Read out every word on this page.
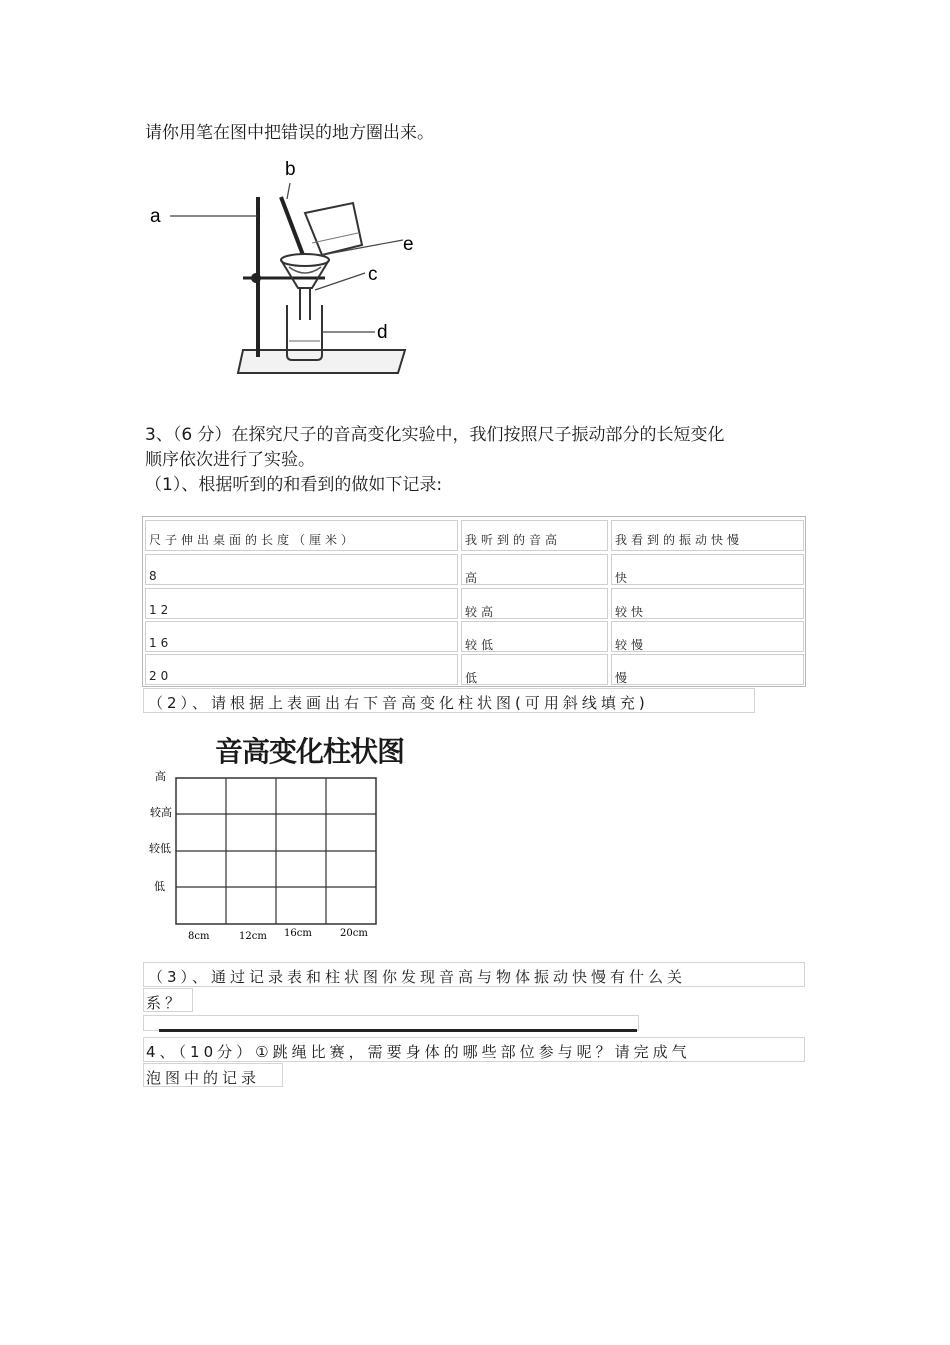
请你用笔在图中把错误的地方圈出来。
a
b
e
c
d
3、（6 分）在探究尺子的音高变化实验中，我们按照尺子振动部分的长短变化
顺序依次进行了实验。
（1）、根据听到的和看到的做如下记录:
尺子伸出桌面的长度（厘米）	我听到的音高	我看到的振动快慢
8	高	快
12	较高	较快
16	较低	较慢
20	低	慢
（2）、请根据上表画出右下音高变化柱状图(可用斜线填充)
音高变化柱状图
高
较高
较低
低
8cm	12cm 16cm	20cm
（3）、通过记录表和柱状图你发现音高与物体振动快慢有什么关
系？
4、（10分）①跳绳比赛，需要身体的哪些部位参与呢？请完成气
泡图中的记录
